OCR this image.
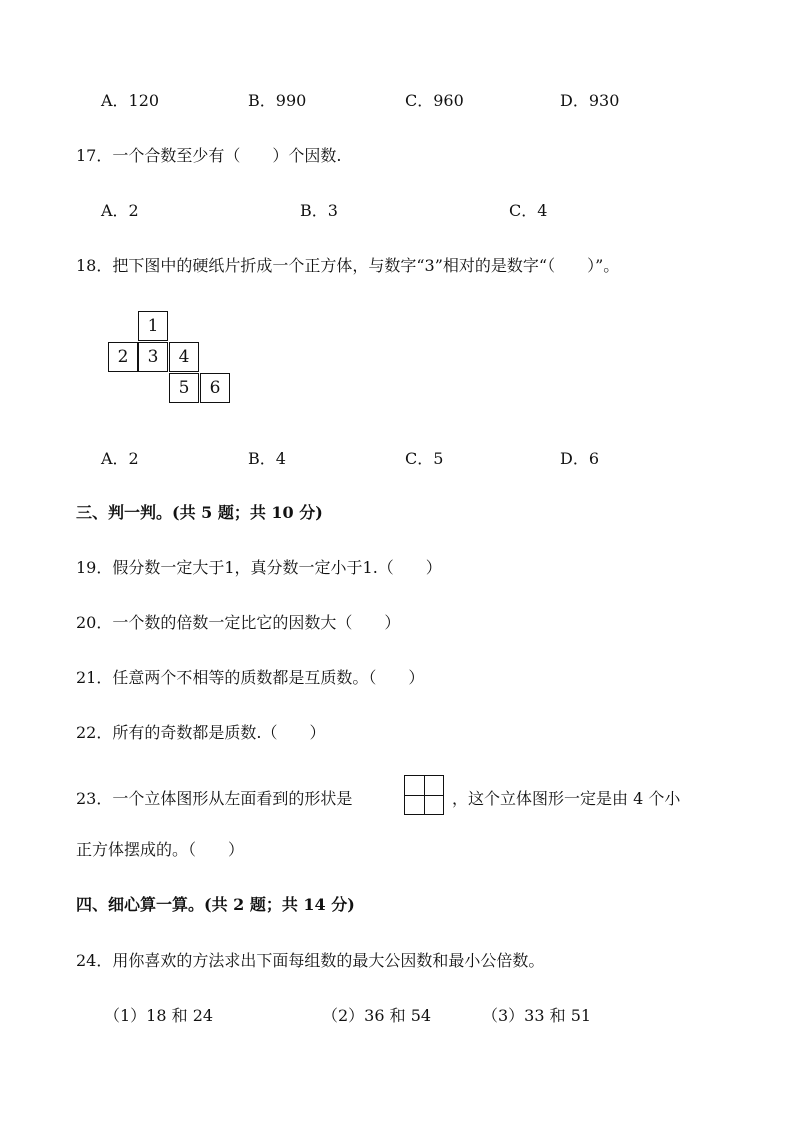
A．120	B．990	C．960	D．930
17．一个合数至少有（　　）个因数.
A．2	B．3	C．4
18．把下图中的硬纸片折成一个正方体，与数字“3”相对的是数字“（　　）”。
1
2	3	4
5	6
A．2	B．4	C．5	D．6
三、判一判。(共 5 题；共 10 分)
19．假分数一定大于1，真分数一定小于1.（　　）
20．一个数的倍数一定比它的因数大（　　）
21．任意两个不相等的质数都是互质数。（　　）
22．所有的奇数都是质数.（　　）
23．一个立体图形从左面看到的形状是	，这个立体图形一定是由 4 个小
正方体摆成的。（　　）
四、细心算一算。(共 2 题；共 14 分)
24．用你喜欢的方法求出下面每组数的最大公因数和最小公倍数。
（1）18 和 24	（2）36 和 54	（3）33 和 51
